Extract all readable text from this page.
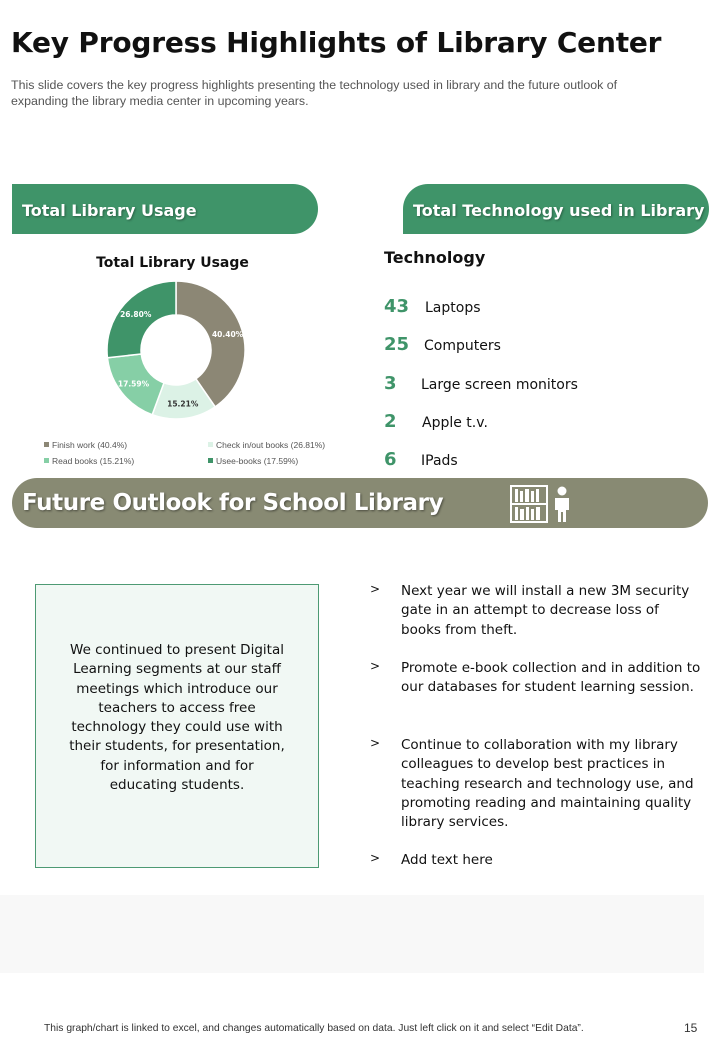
Key Progress Highlights of Library Center
This slide covers the key progress highlights presenting the technology used in library and the future outlook of expanding the library media center in upcoming years.
Total Library Usage	Total Technology used in Library
Total Library Usage
40.40%
15.21%
17.59%
26.80%
Finish work (40.4%)	Check in/out books (26.81%)
Read books (15.21%)	Usee-books (17.59%)
Technology
43 Laptops
25 Computers
3 Large screen monitors
2 Apple t.v.
6 IPads
Future Outlook for School Library
We continued to present Digital Learning segments at our staff meetings which introduce our teachers to access free technology they could use with their students, for presentation, for information and for educating students.
> Next year we will install a new 3M security gate in an attempt to decrease loss of books from theft.
> Promote e-book collection and in addition to our databases for student learning session.
> Continue to collaboration with my library colleagues to develop best practices in teaching research and technology use, and promoting reading and maintaining quality library services.
> Add text here
This graph/chart is linked to excel, and changes automatically based on data. Just left click on it and select “Edit Data”.	15
